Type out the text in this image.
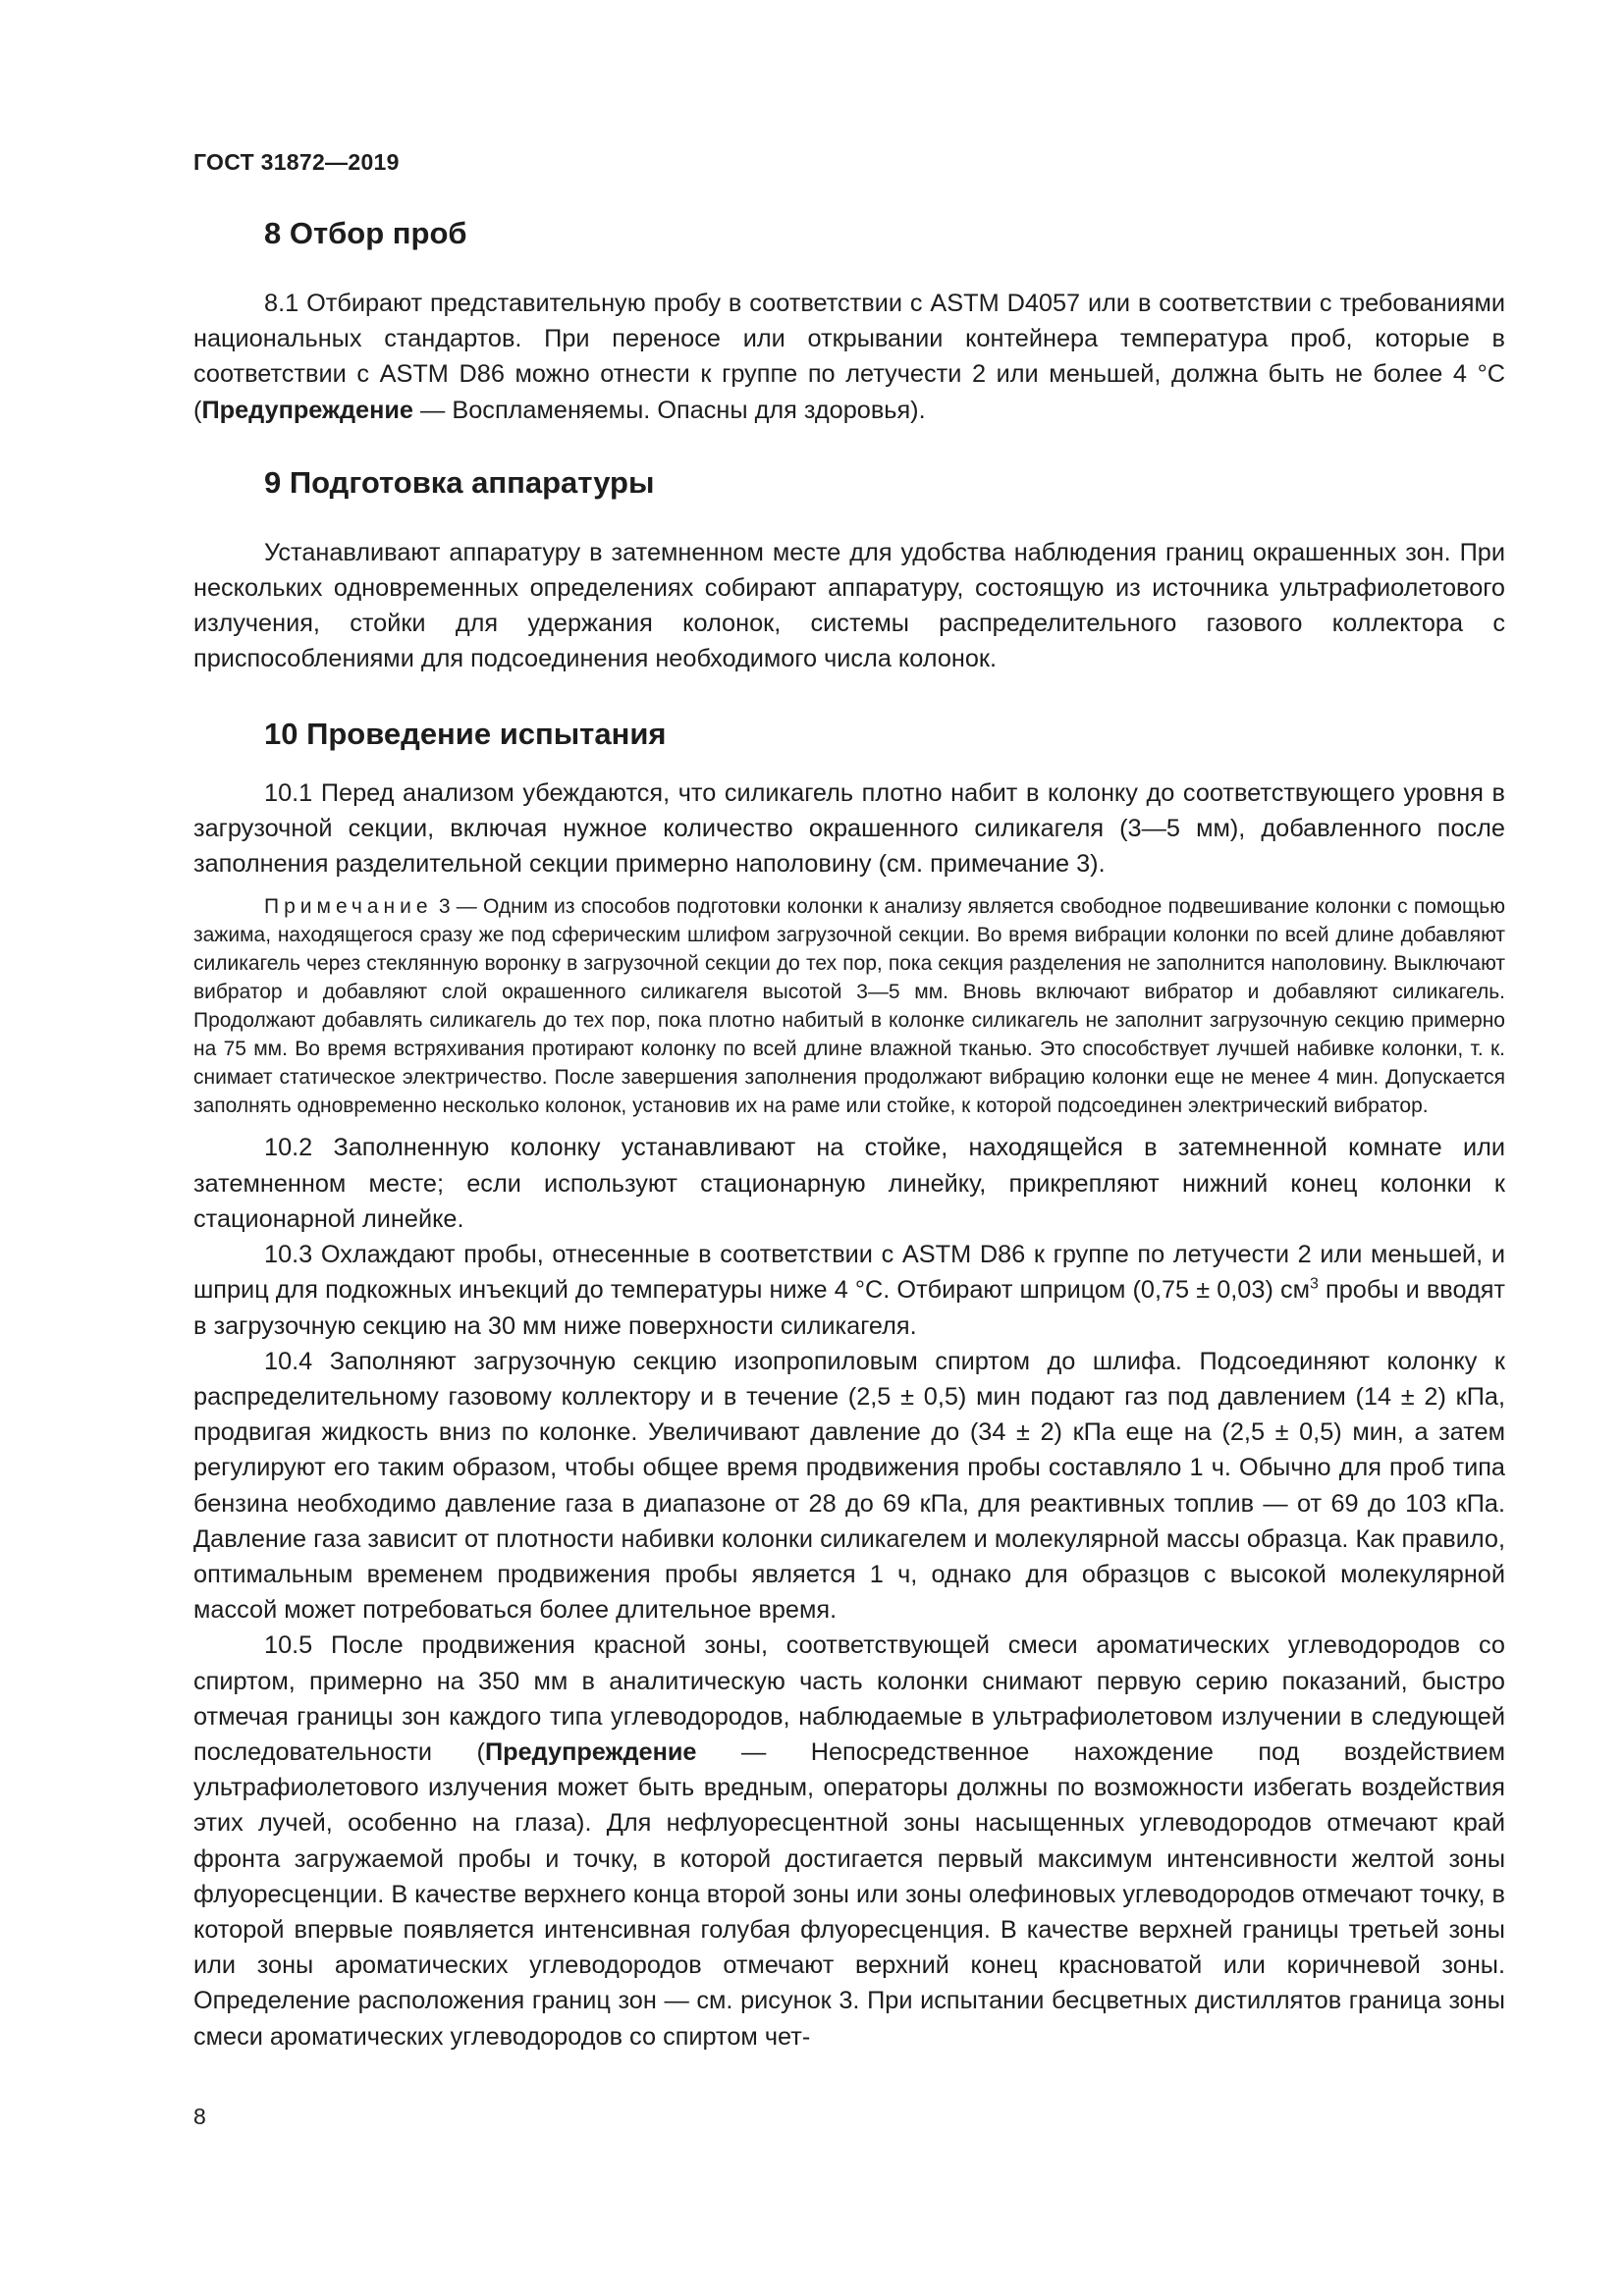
ГОСТ 31872—2019
8 Отбор проб

8.1 Отбирают представительную пробу в соответствии с ASTM D4057 или в соответствии с требованиями национальных стандартов. При переносе или открывании контейнера температура проб, которые в соответствии с ASTM D86 можно отнести к группе по летучести 2 или меньшей, должна быть не более 4 °C (Предупреждение — Воспламеняемы. Опасны для здоровья).

9 Подготовка аппаратуры

Устанавливают аппаратуру в затемненном месте для удобства наблюдения границ окрашенных зон. При нескольких одновременных определениях собирают аппаратуру, состоящую из источника ультрафиолетового излучения, стойки для удержания колонок, системы распределительного газового коллектора с приспособлениями для подсоединения необходимого числа колонок.

10 Проведение испытания

10.1 Перед анализом убеждаются, что силикагель плотно набит в колонку до соответствующего уровня в загрузочной секции, включая нужное количество окрашенного силикагеля (3—5 мм), добавленного после заполнения разделительной секции примерно наполовину (см. примечание 3).

Примечание 3 — Одним из способов подготовки колонки к анализу является свободное подвешивание колонки с помощью зажима, находящегося сразу же под сферическим шлифом загрузочной секции. Во время вибрации колонки по всей длине добавляют силикагель через стеклянную воронку в загрузочной секции до тех пор, пока секция разделения не заполнится наполовину. Выключают вибратор и добавляют слой окрашенного силикагеля высотой 3—5 мм. Вновь включают вибратор и добавляют силикагель. Продолжают добавлять силикагель до тех пор, пока плотно набитый в колонке силикагель не заполнит загрузочную секцию примерно на 75 мм. Во время встряхивания протирают колонку по всей длине влажной тканью. Это способствует лучшей набивке колонки, т. к. снимает статическое электричество. После завершения заполнения продолжают вибрацию колонки еще не менее 4 мин. Допускается заполнять одновременно несколько колонок, установив их на раме или стойке, к которой подсоединен электрический вибратор.

10.2 Заполненную колонку устанавливают на стойке, находящейся в затемненной комнате или затемненном месте; если используют стационарную линейку, прикрепляют нижний конец колонки к стационарной линейке.

10.3 Охлаждают пробы, отнесенные в соответствии с ASTM D86 к группе по летучести 2 или меньшей, и шприц для подкожных инъекций до температуры ниже 4 °C. Отбирают шприцом (0,75 ± 0,03) $см^3$ пробы и вводят в загрузочную секцию на 30 мм ниже поверхности силикагеля.

10.4 Заполняют загрузочную секцию изопропиловым спиртом до шлифа. Подсоединяют колонку к распределительному газовому коллектору и в течение (2,5 ± 0,5) мин подают газ под давлением (14 ± 2) кПа, продвигая жидкость вниз по колонке. Увеличивают давление до (34 ± 2) кПа еще на (2,5 ± 0,5) мин, а затем регулируют его таким образом, чтобы общее время продвижения пробы составляло 1 ч. Обычно для проб типа бензина необходимо давление газа в диапазоне от 28 до 69 кПа, для реактивных топлив — от 69 до 103 кПа. Давление газа зависит от плотности набивки колонки силикагелем и молекулярной массы образца. Как правило, оптимальным временем продвижения пробы является 1 ч, однако для образцов с высокой молекулярной массой может потребоваться более длительное время.

10.5 После продвижения красной зоны, соответствующей смеси ароматических углеводородов со спиртом, примерно на 350 мм в аналитическую часть колонки снимают первую серию показаний, быстро отмечая границы зон каждого типа углеводородов, наблюдаемые в ультрафиолетовом излучении в следующей последовательности (Предупреждение — Непосредственное нахождение под воздействием ультрафиолетового излучения может быть вредным, операторы должны по возможности избегать воздействия этих лучей, особенно на глаза). Для нефлуоресцентной зоны насыщенных углеводородов отмечают край фронта загружаемой пробы и точку, в которой достигается первый максимум интенсивности желтой зоны флуоресценции. В качестве верхнего конца второй зоны или зоны олефиновых углеводородов отмечают точку, в которой впервые появляется интенсивная голубая флуоресценция. В качестве верхней границы третьей зоны или зоны ароматических углеводородов отмечают верхний конец красноватой или коричневой зоны. Определение расположения границ зон — см. рисунок 3. При испытании бесцветных дистиллятов граница зоны смеси ароматических углеводородов со спиртом чет-

8
